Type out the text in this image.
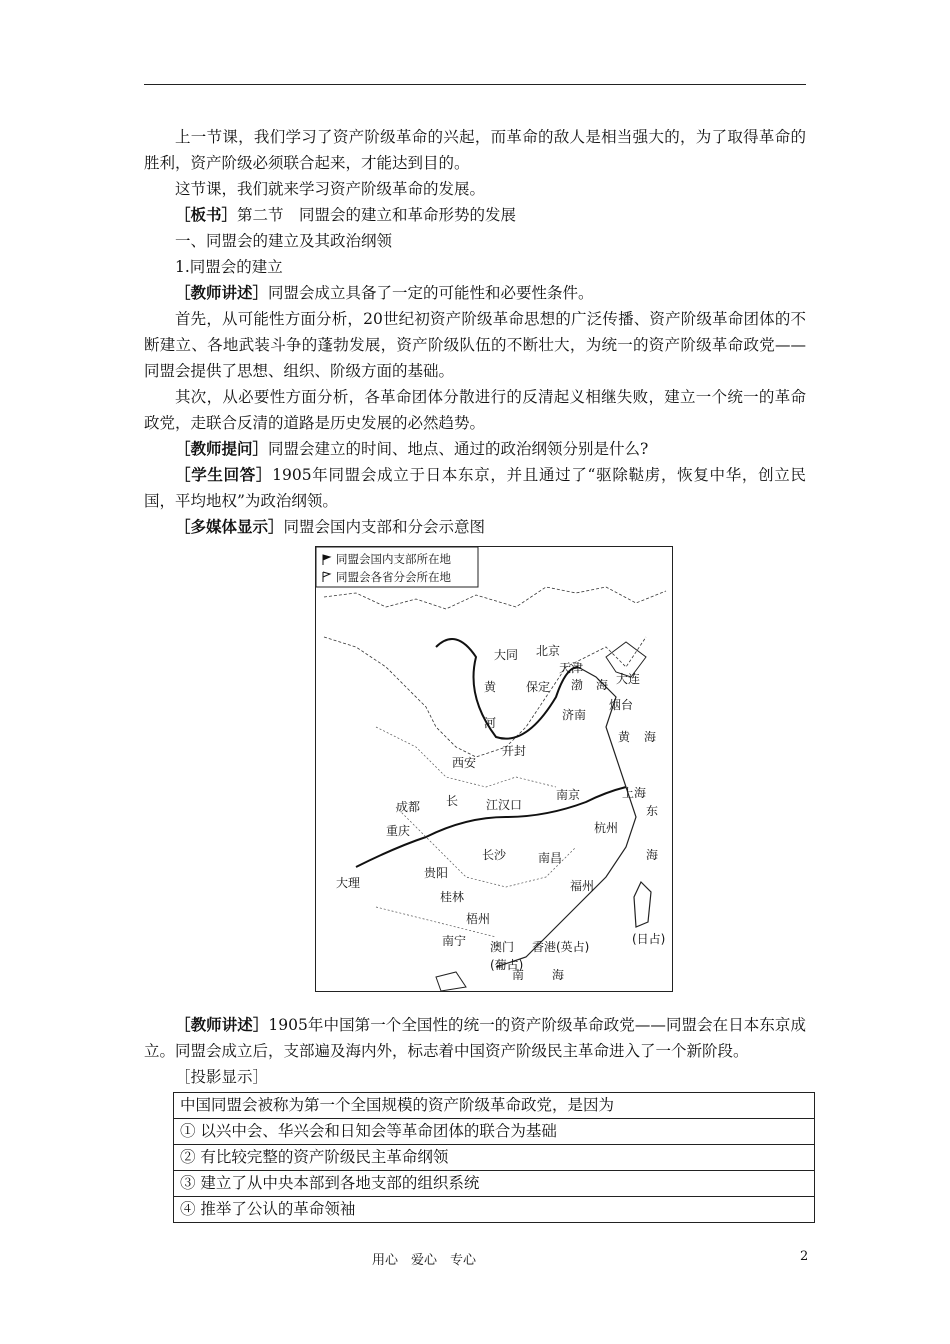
上一节课，我们学习了资产阶级革命的兴起，而革命的敌人是相当强大的，为了取得革命的胜利，资产阶级必须联合起来，才能达到目的。

这节课，我们就来学习资产阶级革命的发展。

［板书］第二节　同盟会的建立和革命形势的发展

一、同盟会的建立及其政治纲领

1.同盟会的建立

［教师讲述］同盟会成立具备了一定的可能性和必要性条件。

首先，从可能性方面分析，20世纪初资产阶级革命思想的广泛传播、资产阶级革命团体的不断建立、各地武装斗争的蓬勃发展，资产阶级队伍的不断壮大，为统一的资产阶级革命政党——同盟会提供了思想、组织、阶级方面的基础。

其次，从必要性方面分析，各革命团体分散进行的反清起义相继失败，建立一个统一的革命政党，走联合反清的道路是历史发展的必然趋势。

［教师提问］同盟会建立的时间、地点、通过的政治纲领分别是什么?

［学生回答］1905年同盟会成立于日本东京，并且通过了“驱除鞑虏，恢复中华，创立民国，平均地权”为政治纲领。

［多媒体显示］同盟会国内支部和分会示意图

同盟会国内支部所在地
同盟会各省分会所在地
北京
大同
天津
保定
大连
渤 海
烟台
济南
黄
河
黄 海
开封
西安
成都
重庆
长 江汉口
南京	上海
杭州
东
海
长沙	南昌
福州
大理
贵阳
桂林
梧州
南宁 澳门
(葡占)
香港(英占)
(日占)
南 海

［教师讲述］1905年中国第一个全国性的统一的资产阶级革命政党——同盟会在日本东京成立。同盟会成立后，支部遍及海内外，标志着中国资产阶级民主革命进入了一个新阶段。

［投影显示］

中国同盟会被称为第一个全国规模的资产阶级革命政党，是因为
① 以兴中会、华兴会和日知会等革命团体的联合为基础
② 有比较完整的资产阶级民主革命纲领
③ 建立了从中央本部到各地支部的组织系统
④ 推举了公认的革命领袖
用心　爱心　专心	2
